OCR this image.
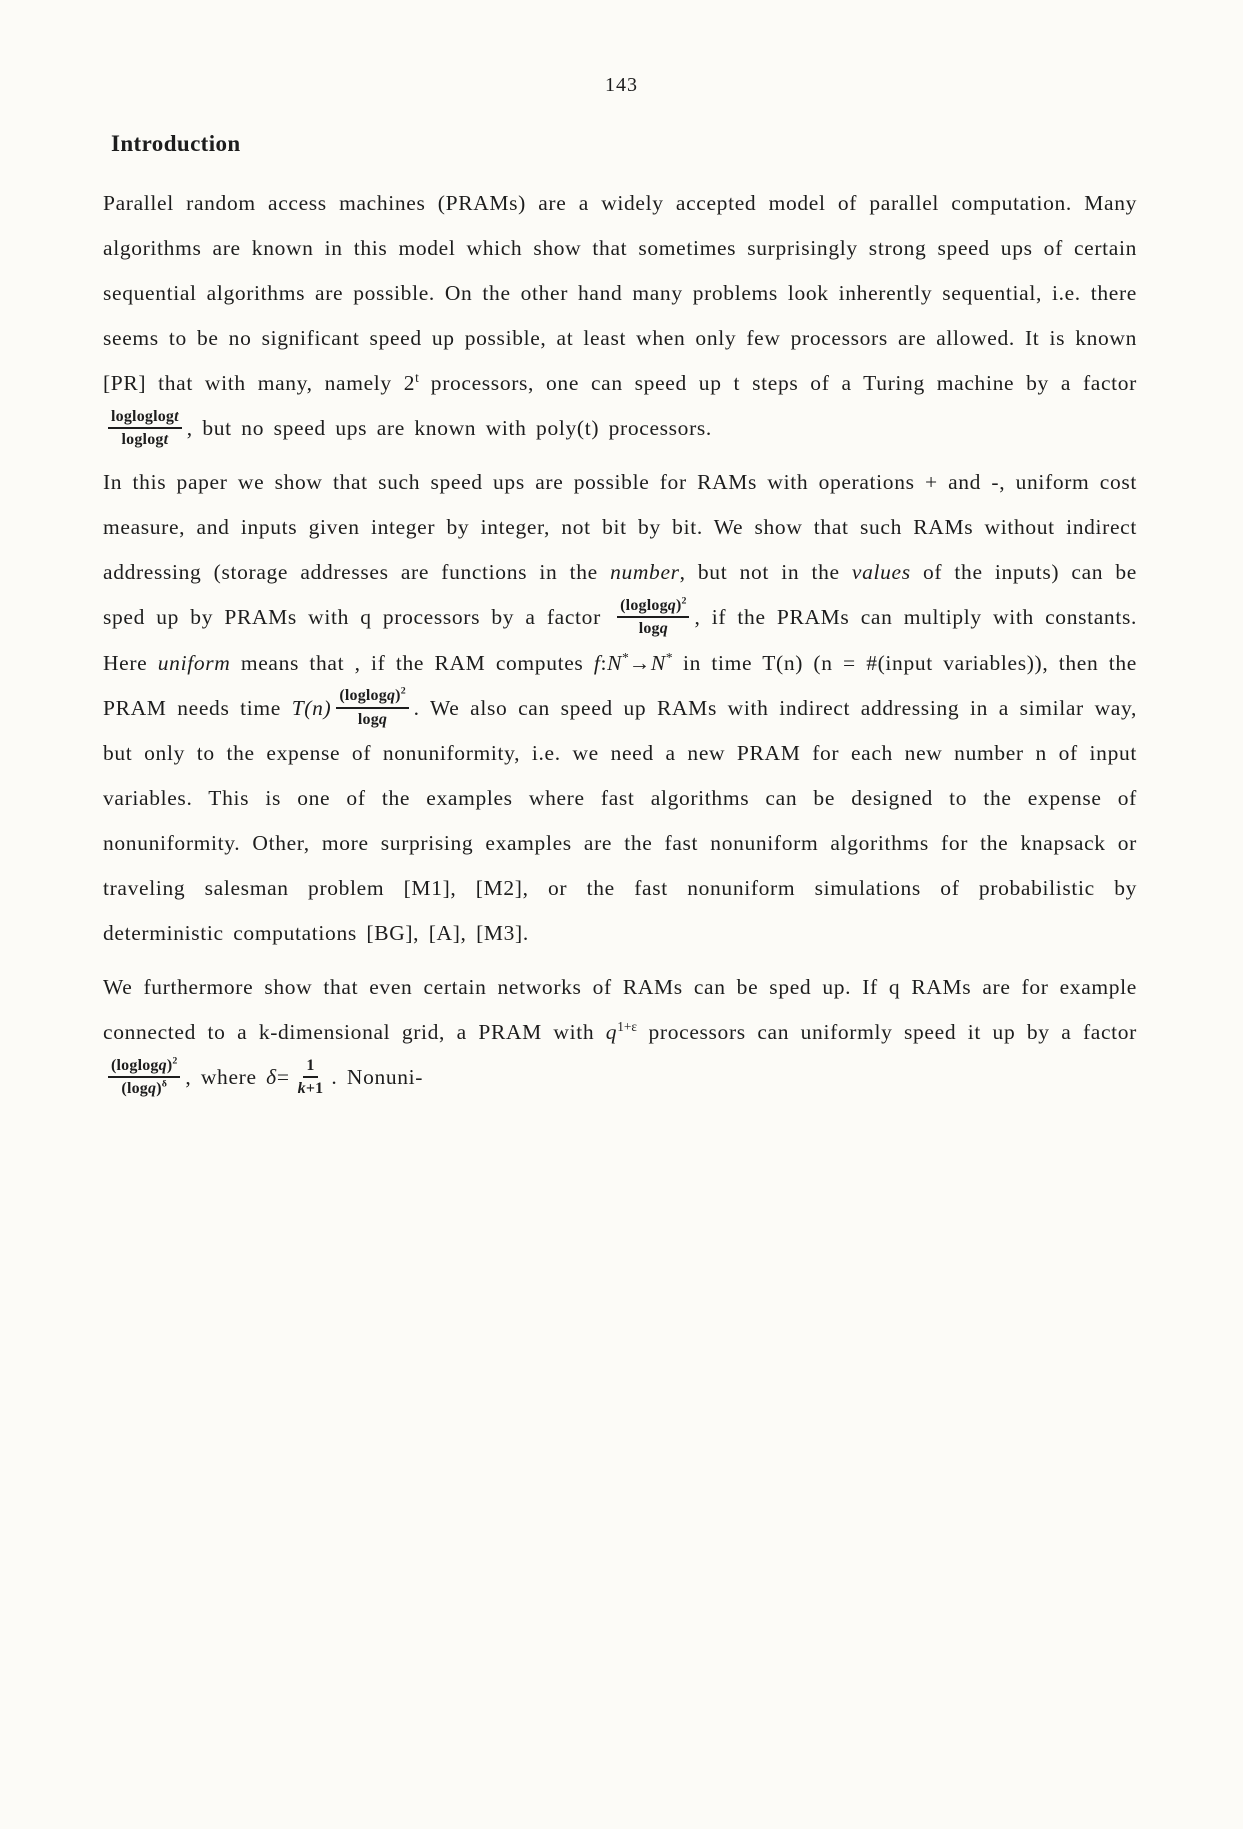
143
Introduction

Parallel random access machines (PRAMs) are a widely accepted model of parallel computation. Many algorithms are known in this model which show that sometimes surprisingly strong speed ups of certain sequential algorithms are possible. On the other hand many problems look inherently sequential, i.e. there seems to be no significant speed up possible, at least when only few processors are allowed. It is known [PR] that with many, namely 2$^t$ processors, one can speed up t steps of a Turing machine by a factor
$\frac{\text{logloglogt}}{\text{loglogt}}$ , but no speed ups are known with poly(t) processors.

In this paper we show that such speed ups are possible for RAMs with operations + and -, uniform cost measure, and inputs given integer by integer, not bit by bit. We show that such RAMs without indirect addressing (storage addresses are functions in the number, but not in the values of the inputs) can be sped up by PRAMs with q processors by a factor $\frac{(loglogq)^2}{\log q}$ , if the PRAMs can multiply with constants. Here uniform means that , if the RAM computes f:N*→N* in time T(n) (n = #(input variables)), then the PRAM needs time $T(n) \frac{(loglogq)^2}{\log q}$ . We also can speed up RAMs with indirect addressing in a similar way, but only to the expense of nonuniformity, i.e. we need a new PRAM for each new number n of input variables. This is one of the examples where fast algorithms can be designed to the expense of nonuniformity. Other, more surprising examples are the fast nonuniform algorithms for the knapsack or traveling salesman problem [M1], [M2], or the fast nonuniform simulations of probabilistic by deterministic computations [BG], [A], [M3].

We furthermore show that even certain networks of RAMs can be sped up. If q RAMs are for example connected to a k-dimensional grid, a PRAM with $q^{1+\varepsilon}$ processors can uniformly speed it up by a factor
$\frac{(loglogq)^2}{(\log q)^\delta}$ , where $\delta= \frac{1}{k+1}$ . Nonuni-
